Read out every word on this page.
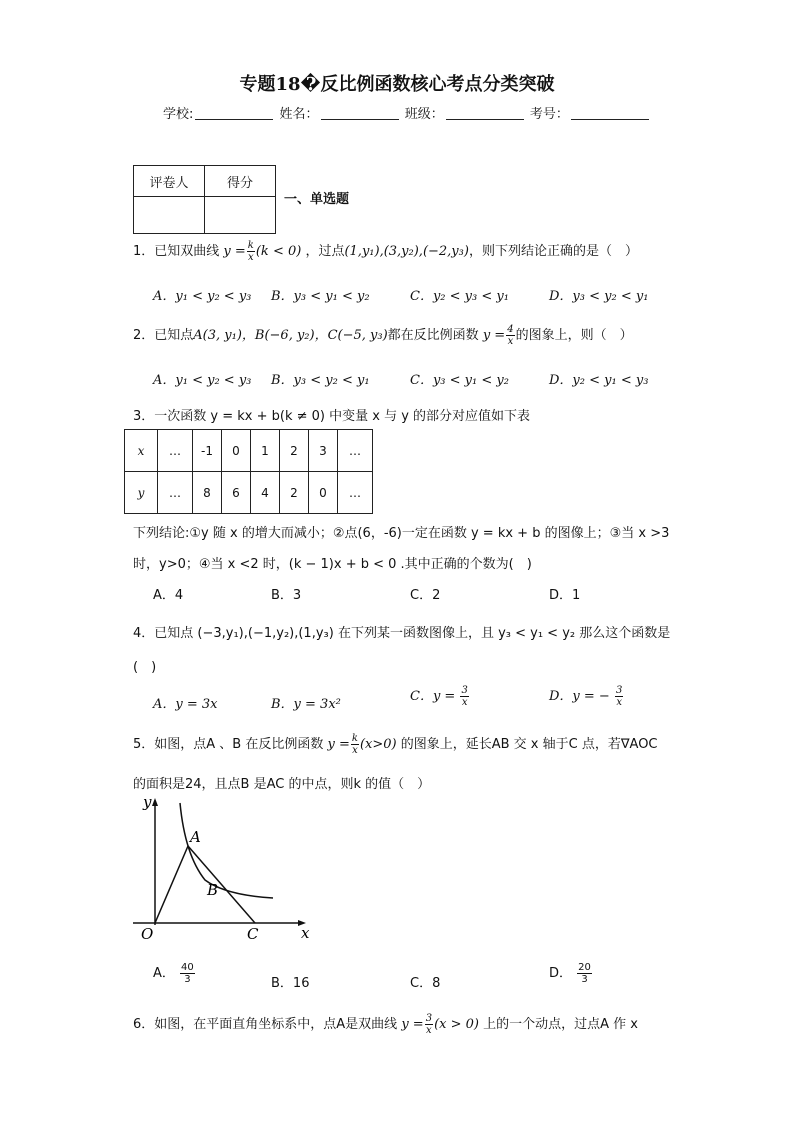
专题18�反比例函数核心考点分类突破
学校:	姓名：	班级：	考号：
评卷人	得分

一、单选题
1．已知双曲线 $y = \frac{k}{x} (k < 0)$ ，过点(1,y₁),(3,y₂),(−2,y₃)，则下列结论正确的是（　）
A．y₁ < y₂ < y₃ B．y₃ < y₁ < y₂	C．y₂ < y₃ < y₁	D．y₃ < y₂ < y₁
2．已知点A(3, y₁)，B(−6, y₂)，C(−5, y₃)都在反比例函数 $y = \frac{4}{x}$ 的图象上，则（　）
A．y₁ < y₂ < y₃ B．y₃ < y₂ < y₁	C．y₃ < y₁ < y₂	D．y₂ < y₁ < y₃
3．一次函数 y = kx + b(k ≠ 0) 中变量 x 与 y 的部分对应值如下表
x	…	-1	0	1	2	3	…
y	…	8	6	4	2	0	…
下列结论:①y 随 x 的增大而减小；②点(6，-6)一定在函数 y = kx + b 的图像上；③当 x >3
时，y>0；④当 x <2 时，(k − 1)x + b < 0 .其中正确的个数为(　)
A．4	B．3	C．2	D．1
4．已知点 (−3,y₁),(−1,y₂),(1,y₃) 在下列某一函数图像上，且 y₃ < y₁ < y₂ 那么这个函数是
(　)
A．y = 3x	B．y = 3x²
C．$y = \frac{3}{x}$	D．y = − $\frac{3}{x}$
5．如图，点A 、B 在反比例函数 $y = \frac{k}{x} (x>0)$ 的图象上，延长AB 交 x 轴于C 点，若∇AOC
的面积是24，且点B 是AC 的中点，则k 的值（　）
y
x
O
A
B
C
A． $\frac{40}{3}$	B．16	C．8
D． $\frac{20}{3}$
6．如图，在平面直角坐标系中，点A是双曲线 $y = \frac{3}{x} (x > 0)$ 上的一个动点，过点A 作 x
